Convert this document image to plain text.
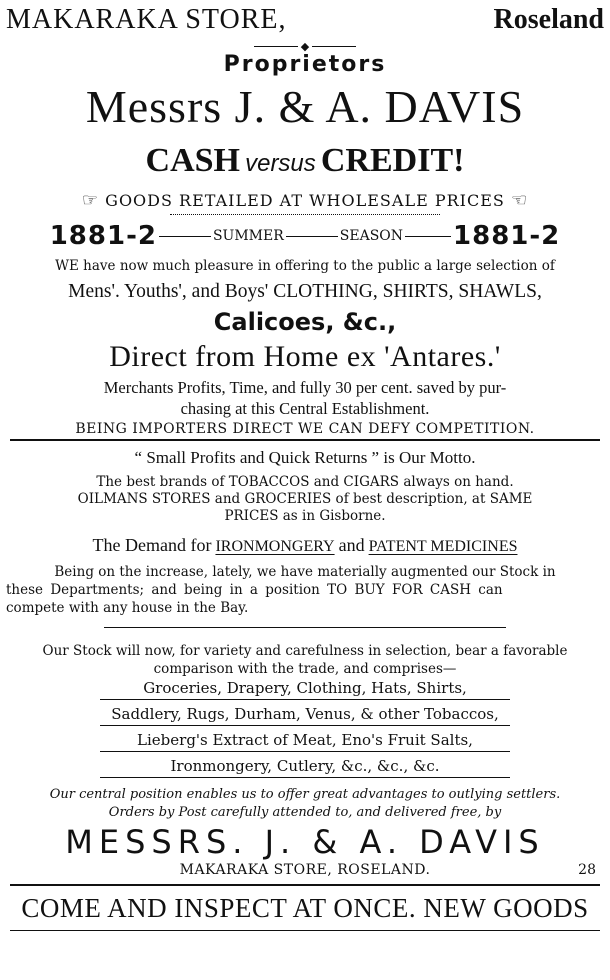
MAKARAKA STORE,	Roseland
◆
Proprietors
Messrs J. & A. DAVIS
CASH versus CREDIT!
☞ GOODS RETAILED AT WHOLESALE PRICES ☜
1881-2	SUMMER	SEASON 1881-2
WE have now much pleasure in offering to the public a large selection of
Mens'. Youths', and Boys' CLOTHING, SHIRTS, SHAWLS,
Calicoes, &c.,
Direct from Home ex 'Antares.'
Merchants Profits, Time, and fully 30 per cent. saved by pur-
chasing at this Central Establishment.
BEING IMPORTERS DIRECT WE CAN DEFY COMPETITION.
“ Small Profits and Quick Returns ” is Our Motto.
The best brands of TOBACCOS and CIGARS always on hand.
OILMANS STORES and GROCERIES of best description, at SAME
PRICES as in Gisborne.
The Demand for IRONMONGERY and PATENT MEDICINES
Being on the increase, lately, we have materially augmented our Stock in
these Departments; and being in a position TO BUY FOR CASH can
compete with any house in the Bay.
Our Stock will now, for variety and carefulness in selection, bear a favorable
comparison with the trade, and comprises—
Groceries, Drapery, Clothing, Hats, Shirts,
Saddlery, Rugs, Durham, Venus, & other Tobaccos,
Lieberg's Extract of Meat, Eno's Fruit Salts,
Ironmongery, Cutlery, &c., &c., &c.
Our central position enables us to offer great advantages to outlying settlers.
Orders by Post carefully attended to, and delivered free, by
MESSRS. J. & A. DAVIS
MAKARAKA STORE, ROSELAND.	28
COME AND INSPECT AT ONCE. NEW GOODS
